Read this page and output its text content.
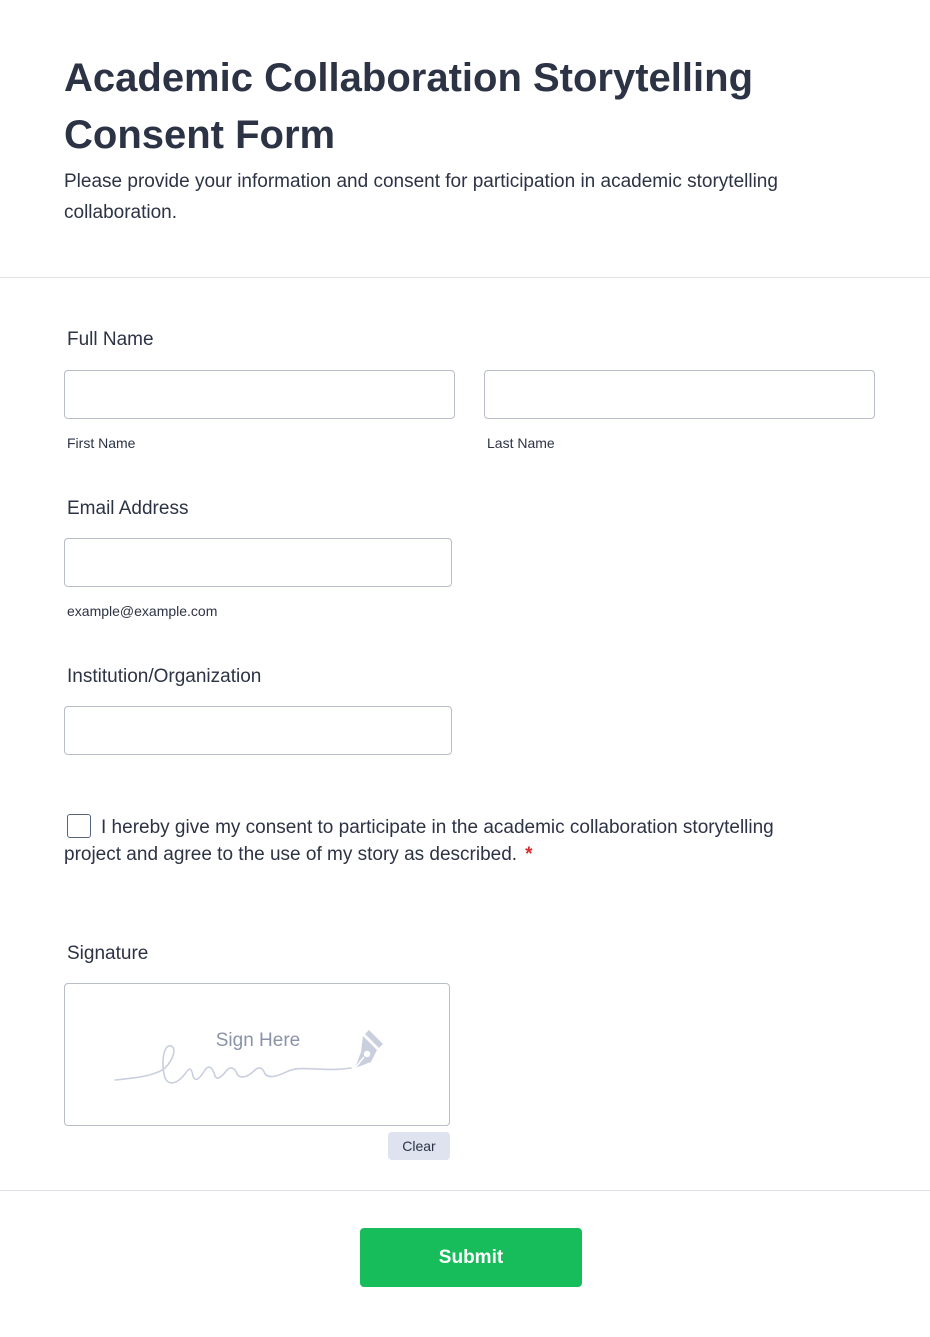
Academic Collaboration Storytelling Consent Form

Please provide your information and consent for participation in academic storytelling collaboration.

Full Name
First Name	Last Name
Email Address
example@example.com
Institution/Organization
I hereby give my consent to participate in the academic collaboration storytelling project and agree to the use of my story as described. *
Signature
Sign Here
Clear
Submit
